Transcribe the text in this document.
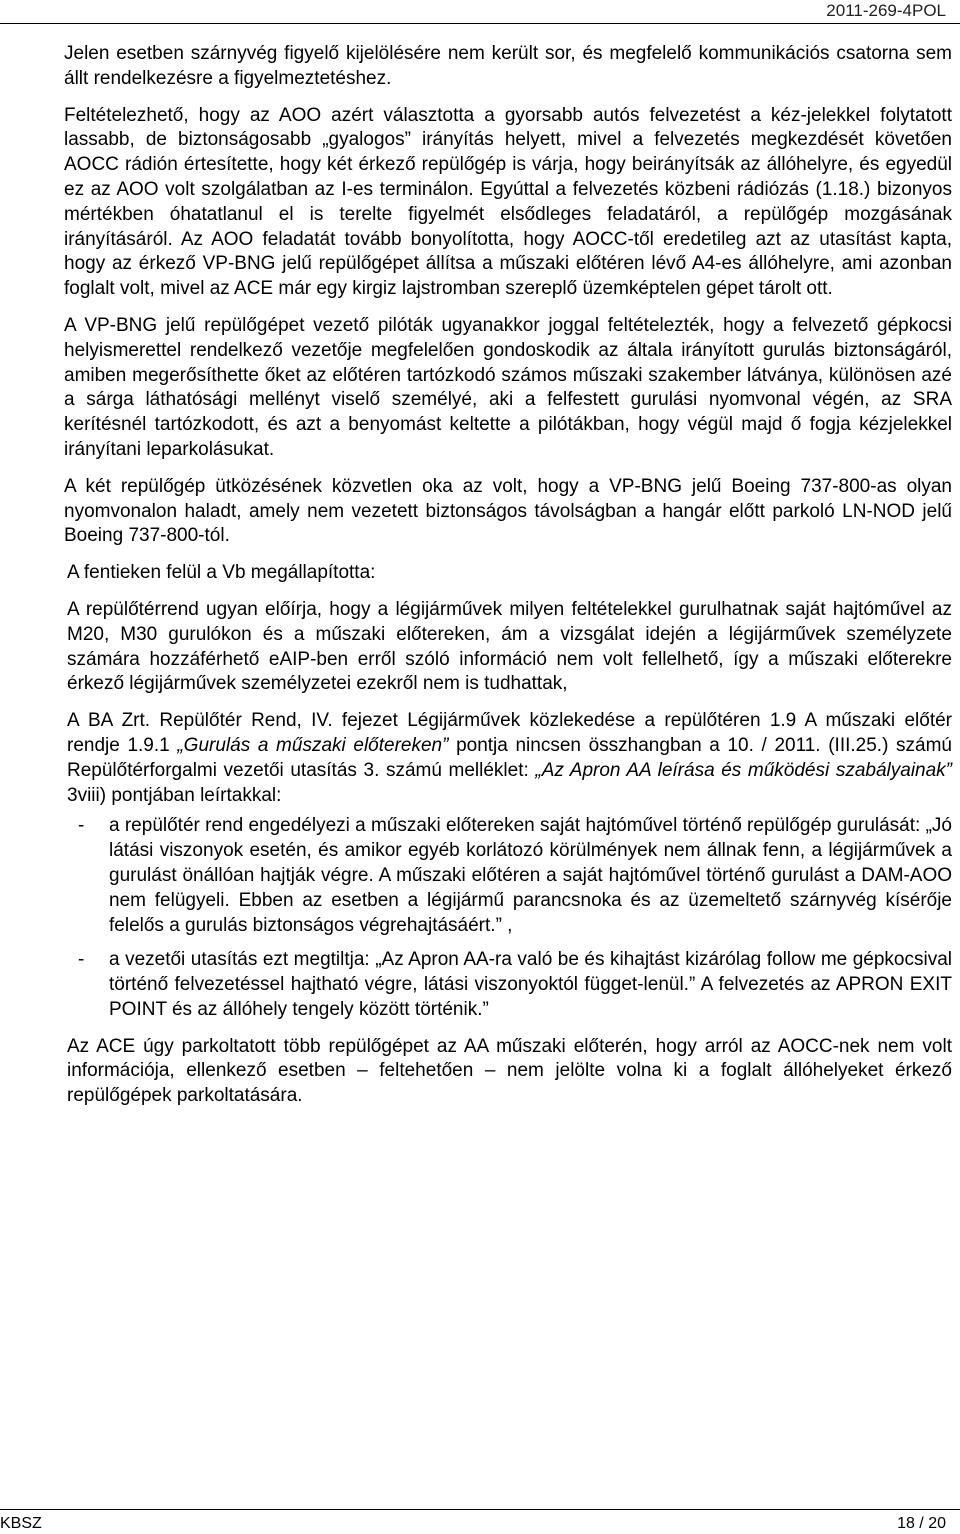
2011-269-4POL

Jelen esetben szárnyvég figyelő kijelölésére nem került sor, és megfelelő kommunikációs csatorna sem állt rendelkezésre a figyelmeztetéshez.

Feltételezhető, hogy az AOO azért választotta a gyorsabb autós felvezetést a kéz-jelekkel folytatott lassabb, de biztonságosabb „gyalogos” irányítás helyett, mivel a felvezetés megkezdését követően AOCC rádión értesítette, hogy két érkező repülőgép is várja, hogy beirányítsák az állóhelyre, és egyedül ez az AOO volt szolgálatban az I-es terminálon. Egyúttal a felvezetés közbeni rádiózás (1.18.) bizonyos mértékben óhatatlanul el is terelte figyelmét elsődleges feladatáról, a repülőgép mozgásának irányításáról. Az AOO feladatát tovább bonyolította, hogy AOCC-től eredetileg azt az utasítást kapta, hogy az érkező VP-BNG jelű repülőgépet állítsa a műszaki előtéren lévő A4-es állóhelyre, ami azonban foglalt volt, mivel az ACE már egy kirgiz lajstromban szereplő üzemképtelen gépet tárolt ott.

A VP-BNG jelű repülőgépet vezető pilóták ugyanakkor joggal feltételezték, hogy a felvezető gépkocsi helyismerettel rendelkező vezetője megfelelően gondoskodik az általa irányított gurulás biztonságáról, amiben megerősíthette őket az előtéren tartózkodó számos műszaki szakember látványa, különösen azé a sárga láthatósági mellényt viselő személyé, aki a felfestett gurulási nyomvonal végén, az SRA kerítésnél tartózkodott, és azt a benyomást keltette a pilótákban, hogy végül majd ő fogja kézjelekkel irányítani leparkolásukat.

A két repülőgép ütközésének közvetlen oka az volt, hogy a VP-BNG jelű Boeing 737-800-as olyan nyomvonalon haladt, amely nem vezetett biztonságos távolságban a hangár előtt parkoló LN-NOD jelű Boeing 737-800-tól.

A fentieken felül a Vb megállapította:

A repülőtérrend ugyan előírja, hogy a légijárművek milyen feltételekkel gurulhatnak saját hajtóművel az M20, M30 gurulókon és a műszaki előtereken, ám a vizsgálat idején a légijárművek személyzete számára hozzáférhető eAIP-ben erről szóló információ nem volt fellelhető, így a műszaki előterekre érkező légijárművek személyzetei ezekről nem is tudhattak,

A BA Zrt. Repülőtér Rend, IV. fejezet Légijárművek közlekedése a repülőtéren 1.9 A műszaki előtér rendje 1.9.1 „Gurulás a műszaki előtereken” pontja nincsen összhangban a 10. / 2011. (III.25.) számú Repülőtérforgalmi vezetői utasítás 3. számú melléklet: „Az Apron AA leírása és működési szabályainak” 3viii) pontjában leírtakkal:

- a repülőtér rend engedélyezi a műszaki előtereken saját hajtóművel történő repülőgép gurulását: „Jó látási viszonyok esetén, és amikor egyéb korlátozó körülmények nem állnak fenn, a légijárművek a gurulást önállóan hajtják végre. A műszaki előtéren a saját hajtóművel történő gurulást a DAM-AOO nem felügyeli. Ebben az esetben a légijármű parancsnoka és az üzemeltető szárnyvég kísérője felelős a gurulás biztonságos végrehajtásáért.” ,
- a vezetői utasítás ezt megtiltja: „Az Apron AA-ra való be és kihajtást kizárólag follow me gépkocsival történő felvezetéssel hajtható végre, látási viszonyoktól függet-lenül.” A felvezetés az APRON EXIT POINT és az állóhely tengely között történik.”

Az ACE úgy parkoltatott több repülőgépet az AA műszaki előterén, hogy arról az AOCC-nek nem volt információja, ellenkező esetben – feltehetően – nem jelölte volna ki a foglalt állóhelyeket érkező repülőgépek parkoltatására.

KBSZ	18 / 20
